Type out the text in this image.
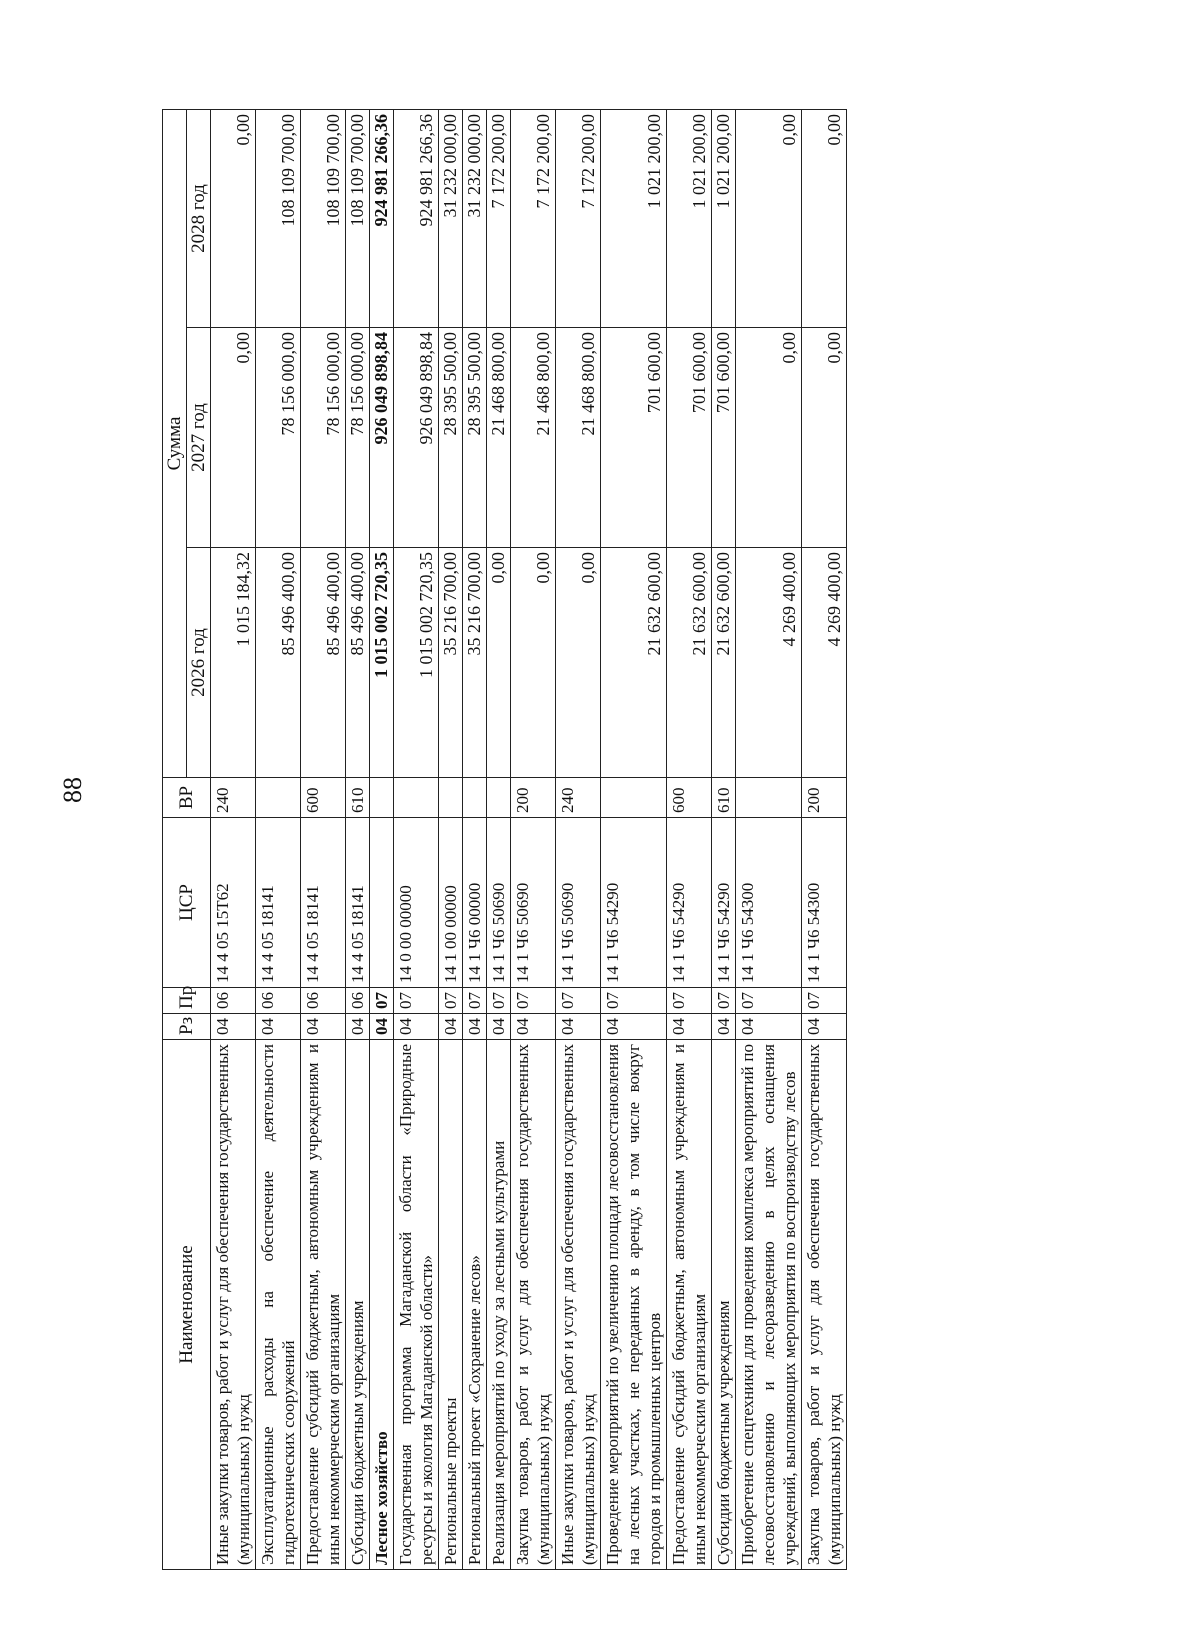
88
Наименование	Рз	Пр	ЦСР	ВР	Сумма		
					2026 год	2027 год	2028 год
Иные закупки товаров, работ и услуг для обеспечения государственных (муниципальных) нужд	04	06	14 4 05 15Т62	240	1 015 184,32	0,00	0,00
Эксплуатационные расходы на обеспечение деятельности гидротехнических сооружений	04	06	14 4 05 18141		85 496 400,00	78 156 000,00	108 109 700,00
Предоставление субсидий бюджетным, автономным учреждениям и иным некоммерческим организациям	04	06	14 4 05 18141	600	85 496 400,00	78 156 000,00	108 109 700,00
Субсидии бюджетным учреждениям	04	06	14 4 05 18141	610	85 496 400,00	78 156 000,00	108 109 700,00
Лесное хозяйство	04	07			1 015 002 720,35	926 049 898,84	924 981 266,36
Государственная программа Магаданской области «Природные ресурсы и экология Магаданской области»	04	07	14 0 00 00000		1 015 002 720,35	926 049 898,84	924 981 266,36
Региональные проекты	04	07	14 1 00 00000		35 216 700,00	28 395 500,00	31 232 000,00
Региональный проект «Сохранение лесов»	04	07	14 1 Ч6 00000		35 216 700,00	28 395 500,00	31 232 000,00
Реализация мероприятий по уходу за лесными культурами	04	07	14 1 Ч6 50690		0,00	21 468 800,00	7 172 200,00
Закупка товаров, работ и услуг для обеспечения государственных (муниципальных) нужд	04	07	14 1 Ч6 50690	200	0,00	21 468 800,00	7 172 200,00
Иные закупки товаров, работ и услуг для обеспечения государственных (муниципальных) нужд	04	07	14 1 Ч6 50690	240	0,00	21 468 800,00	7 172 200,00
Проведение мероприятий по увеличению площади лесовосстановления на лесных участках, не переданных в аренду, в том числе вокруг городов и промышленных центров	04	07	14 1 Ч6 54290		21 632 600,00	701 600,00	1 021 200,00
Предоставление субсидий бюджетным, автономным учреждениям и иным некоммерческим организациям	04	07	14 1 Ч6 54290	600	21 632 600,00	701 600,00	1 021 200,00
Субсидии бюджетным учреждениям	04	07	14 1 Ч6 54290	610	21 632 600,00	701 600,00	1 021 200,00
Приобретение спецтехники для проведения комплекса мероприятий по лесовосстановлению и лесоразведению в целях оснащения учреждений, выполняющих мероприятия по воспроизводству лесов	04	07	14 1 Ч6 54300		4 269 400,00	0,00	0,00
Закупка товаров, работ и услуг для обеспечения государственных (муниципальных) нужд	04	07	14 1 Ч6 54300	200	4 269 400,00	0,00	0,00
